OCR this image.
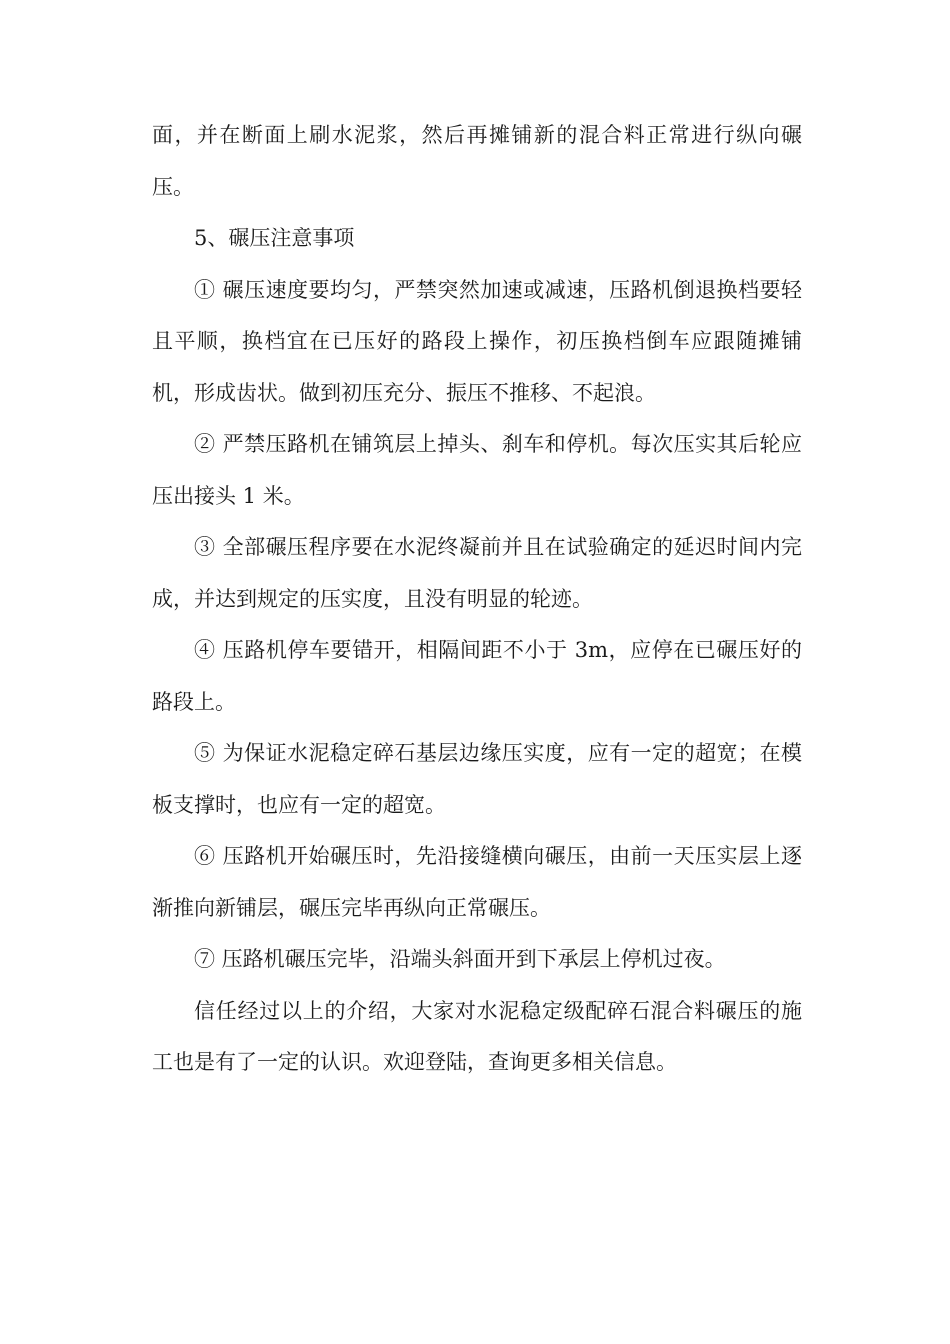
面，并在断面上刷水泥浆，然后再摊铺新的混合料正常进行纵向碾压。

5、碾压注意事项

① 碾压速度要均匀，严禁突然加速或减速，压路机倒退换档要轻且平顺，换档宜在已压好的路段上操作，初压换档倒车应跟随摊铺机，形成齿状。做到初压充分、振压不推移、不起浪。

② 严禁压路机在铺筑层上掉头、刹车和停机。每次压实其后轮应压出接头 1 米。

③ 全部碾压程序要在水泥终凝前并且在试验确定的延迟时间内完成，并达到规定的压实度，且没有明显的轮迹。

④ 压路机停车要错开，相隔间距不小于 3m，应停在已碾压好的路段上。

⑤ 为保证水泥稳定碎石基层边缘压实度，应有一定的超宽；在模板支撑时，也应有一定的超宽。

⑥ 压路机开始碾压时，先沿接缝横向碾压，由前一天压实层上逐渐推向新铺层，碾压完毕再纵向正常碾压。

⑦ 压路机碾压完毕，沿端头斜面开到下承层上停机过夜。

信任经过以上的介绍，大家对水泥稳定级配碎石混合料碾压的施工也是有了一定的认识。欢迎登陆，查询更多相关信息。
